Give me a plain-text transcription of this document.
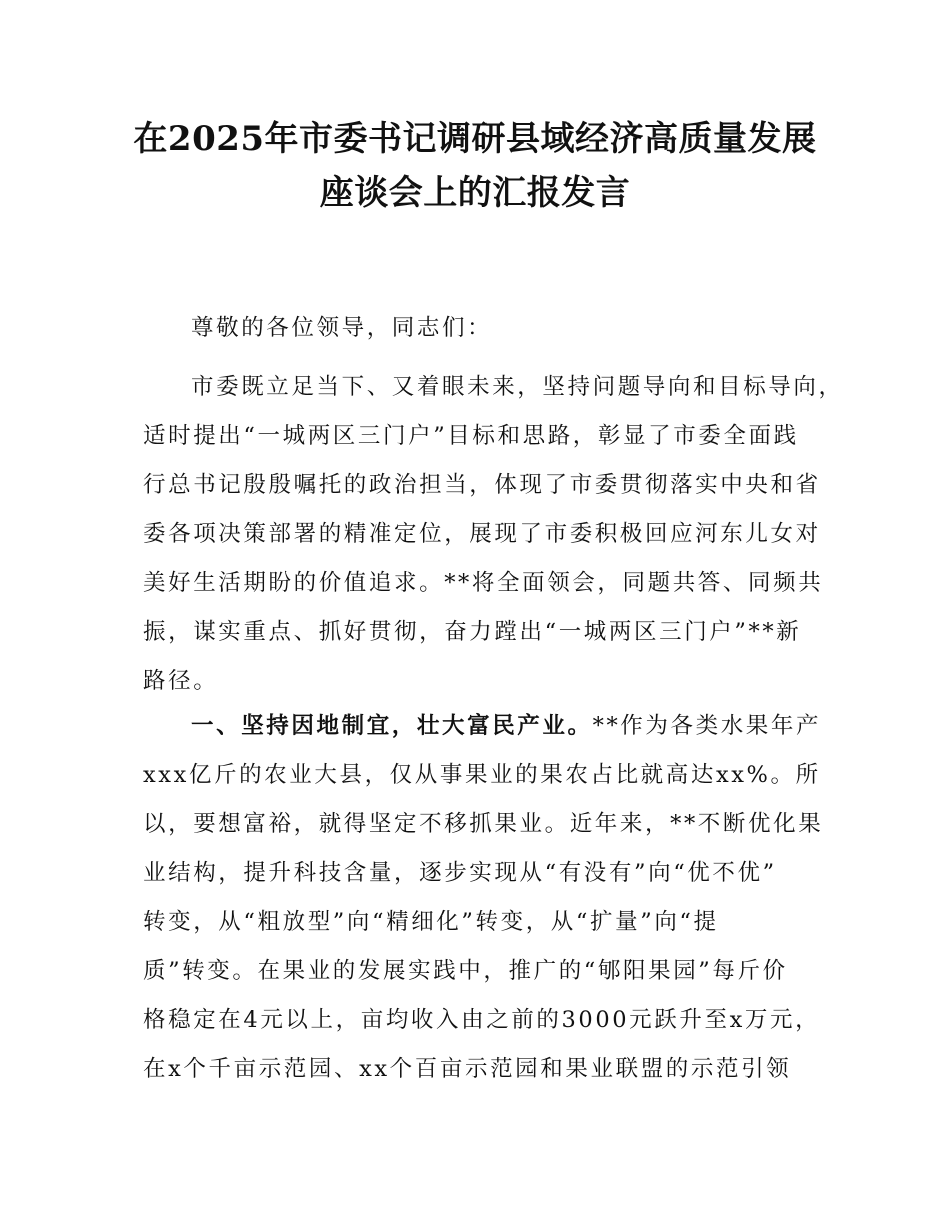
在2025年市委书记调研县域经济高质量发展
座谈会上的汇报发言
尊敬的各位领导，同志们：
市委既立足当下、又着眼未来，坚持问题导向和目标导向，
适时提出“一城两区三门户”目标和思路，彰显了市委全面践
行总书记殷殷嘱托的政治担当，体现了市委贯彻落实中央和省
委各项决策部署的精准定位，展现了市委积极回应河东儿女对
美好生活期盼的价值追求。**将全面领会，同题共答、同频共
振，谋实重点、抓好贯彻，奋力蹚出“一城两区三门户”**新
路径。
一、坚持因地制宜，壮大富民产业。**作为各类水果年产
xxx亿斤的农业大县，仅从事果业的果农占比就高达xx%。所
以，要想富裕，就得坚定不移抓果业。近年来，**不断优化果
业结构，提升科技含量，逐步实现从“有没有”向“优不优”
转变，从“粗放型”向“精细化”转变，从“扩量”向“提
质”转变。在果业的发展实践中，推广的“郇阳果园”每斤价
格稳定在4元以上，亩均收入由之前的3000元跃升至x万元，
在x个千亩示范园、xx个百亩示范园和果业联盟的示范引领
